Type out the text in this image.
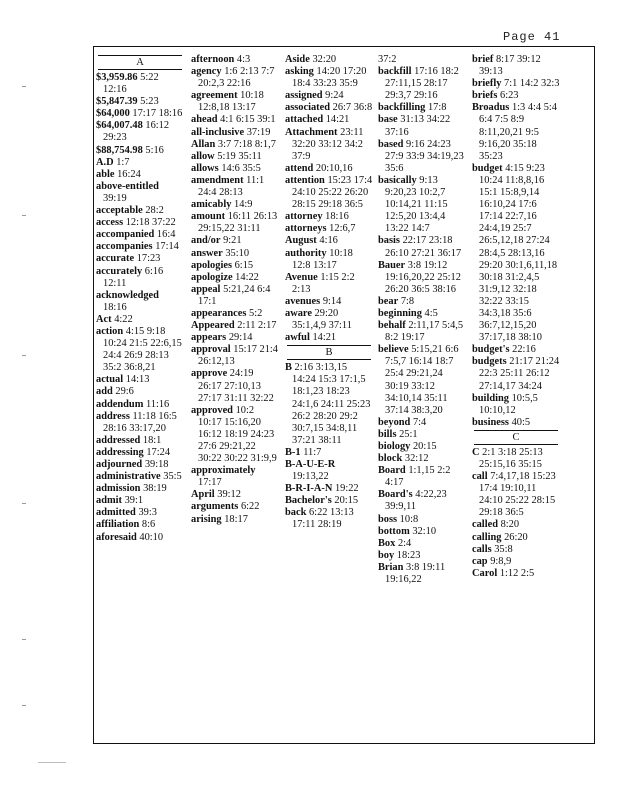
Page 41
A

$3,959.86 5:22 12:16

$5,847.39 5:23

$64,000 17:17 18:16

$64,007.48 16:12 29:23

$88,754.98 5:16

A.D 1:7

able 16:24

above-entitled 39:19

acceptable 28:2

access 12:18 37:22

accompanied 16:4

accompanies 17:14

accurate 17:23

accurately 6:16 12:11

acknowledged 18:16

Act 4:22

action 4:15 9:18 10:24 21:5 22:6,15 24:4 26:9 28:13 35:2 36:8,21

actual 14:13

add 29:6

addendum 11:16

address 11:18 16:5 28:16 33:17,20

addressed 18:1

addressing 17:24

adjourned 39:18

administrative 35:5

admission 38:19

admit 39:1

admitted 39:3

affiliation 8:6

aforesaid 40:10

afternoon 4:3

agency 1:6 2:13 7:7 20:2,3 22:16

agreement 10:18 12:8,18 13:17

ahead 4:1 6:15 39:1

all-inclusive 37:19

Allan 3:7 7:18 8:1,7

allow 5:19 35:11

allows 14:6 35:5

amendment 11:1 24:4 28:13

amicably 14:9

amount 16:11 26:13 29:15,22 31:11

and/or 9:21

answer 35:10

apologies 6:15

apologize 14:22

appeal 5:21,24 6:4 17:1

appearances 5:2

Appeared 2:11 2:17

appears 29:14

approval 15:17 21:4 26:12,13

approve 24:19 26:17 27:10,13 27:17 31:11 32:22

approved 10:2 10:17 15:16,20 16:12 18:19 24:23 27:6 29:21,22 30:22 30:22 31:9,9

approximately 17:17

April 39:12

arguments 6:22

arising 18:17

Aside 32:20

asking 14:20 17:20 18:4 33:23 35:9

assigned 9:24

associated 26:7 36:8

attached 14:21

Attachment 23:11 32:20 33:12 34:2 37:9

attend 20:10,16

attention 15:23 17:4 24:10 25:22 26:20 28:15 29:18 36:5

attorney 18:16

attorneys 12:6,7

August 4:16

authority 10:18 12:8 13:17

Avenue 1:15 2:2 2:13

avenues 9:14

aware 29:20 35:1,4,9 37:11

awful 14:21

B

B 2:16 3:13,15 14:24 15:3 17:1,5 18:1,23 18:23 24:1,6 24:11 25:23 26:2 28:20 29:2 30:7,15 34:8,11 37:21 38:11

B-1 11:7

B-A-U-E-R 19:13,22

B-R-I-A-N 19:22

Bachelor's 20:15

back 6:22 13:13 17:11 28:19

37:2

backfill 17:16 18:2 27:11,15 28:17 29:3,7 29:16

backfilling 17:8

base 31:13 34:22 37:16

based 9:16 24:23 27:9 33:9 34:19,23 35:6

basically 9:13 9:20,23 10:2,7 10:14,21 11:15 12:5,20 13:4,4 13:22 14:7

basis 22:17 23:18 26:10 27:21 36:17

Bauer 3:8 19:12 19:16,20,22 25:12 26:20 36:5 38:16

bear 7:8

beginning 4:5

behalf 2:11,17 5:4,5 8:2 19:17

believe 5:15,21 6:6 7:5,7 16:14 18:7 25:4 29:21,24 30:19 33:12 34:10,14 35:11 37:14 38:3,20

beyond 7:4

bills 25:1

biology 20:15

block 32:12

Board 1:1,15 2:2 4:17

Board's 4:22,23 39:9,11

boss 10:8

bottom 32:10

Box 2:4

boy 18:23

Brian 3:8 19:11 19:16,22

brief 8:17 39:12 39:13

briefly 7:1 14:2 32:3

briefs 6:23

Broadus 1:3 4:4 5:4 6:4 7:5 8:9 8:11,20,21 9:5 9:16,20 35:18 35:23

budget 4:15 9:23 10:24 11:8,8,16 15:1 15:8,9,14 16:10,24 17:6 17:14 22:7,16 24:4,19 25:7 26:5,12,18 27:24 28:4,5 28:13,16 29:20 30:1,6,11,18 30:18 31:2,4,5 31:9,12 32:18 32:22 33:15 34:3,18 35:6 36:7,12,15,20 37:17,18 38:10

budget's 22:16

budgets 21:17 21:24 22:3 25:11 26:12 27:14,17 34:24

building 10:5,5 10:10,12

business 40:5

C

C 2:1 3:18 25:13 25:15,16 35:15

call 7:4,17,18 15:23 17:4 19:10,11 24:10 25:22 28:15 29:18 36:5

called 8:20

calling 26:20

calls 35:8

cap 9:8,9

Carol 1:12 2:5
